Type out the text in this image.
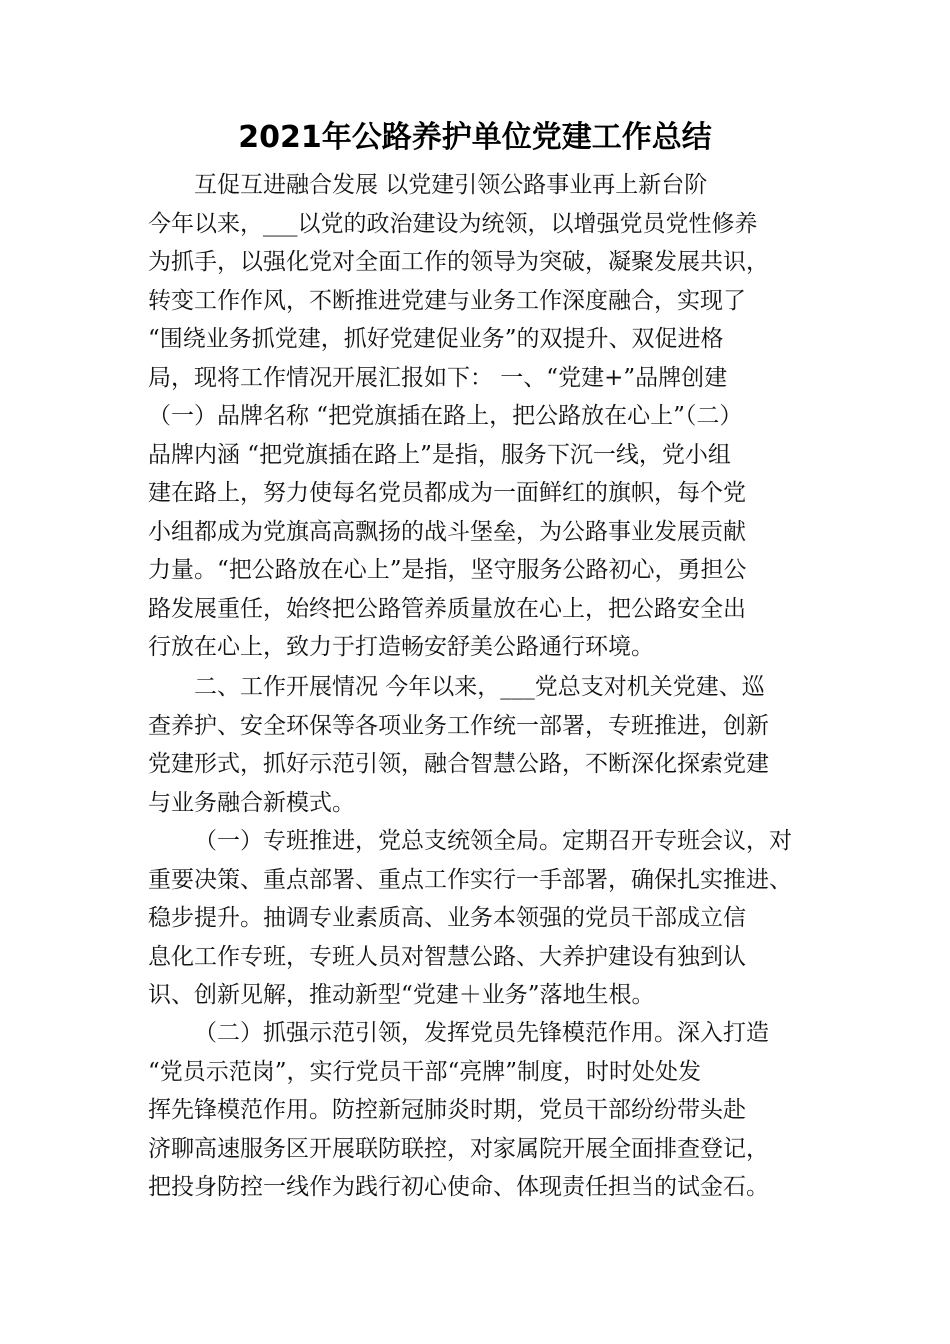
2021年公路养护单位党建工作总结
互促互进融合发展 以党建引领公路事业再上新台阶
今年以来，___以党的政治建设为统领，以增强党员党性修养
为抓手，以强化党对全面工作的领导为突破，凝聚发展共识，
转变工作作风，不断推进党建与业务工作深度融合，实现了
“围绕业务抓党建，抓好党建促业务”的双提升、双促进格
局，现将工作情况开展汇报如下： 一、“党建+”品牌创建
（一）品牌名称 “把党旗插在路上，把公路放在心上”（二）
品牌内涵 “把党旗插在路上”是指，服务下沉一线，党小组
建在路上，努力使每名党员都成为一面鲜红的旗帜，每个党
小组都成为党旗高高飘扬的战斗堡垒，为公路事业发展贡献
力量。“把公路放在心上”是指，坚守服务公路初心，勇担公
路发展重任，始终把公路管养质量放在心上，把公路安全出
行放在心上，致力于打造畅安舒美公路通行环境。
二、工作开展情况 今年以来，___党总支对机关党建、巡
查养护、安全环保等各项业务工作统一部署，专班推进，创新
党建形式，抓好示范引领，融合智慧公路，不断深化探索党建
与业务融合新模式。
（一）专班推进，党总支统领全局。定期召开专班会议，对
重要决策、重点部署、重点工作实行一手部署，确保扎实推进、
稳步提升。抽调专业素质高、业务本领强的党员干部成立信
息化工作专班，专班人员对智慧公路、大养护建设有独到认
识、创新见解，推动新型“党建＋业务”落地生根。
（二）抓强示范引领，发挥党员先锋模范作用。深入打造
“党员示范岗”，实行党员干部“亮牌”制度，时时处处发
挥先锋模范作用。防控新冠肺炎时期，党员干部纷纷带头赴
济聊高速服务区开展联防联控，对家属院开展全面排查登记，
把投身防控一线作为践行初心使命、体现责任担当的试金石。
